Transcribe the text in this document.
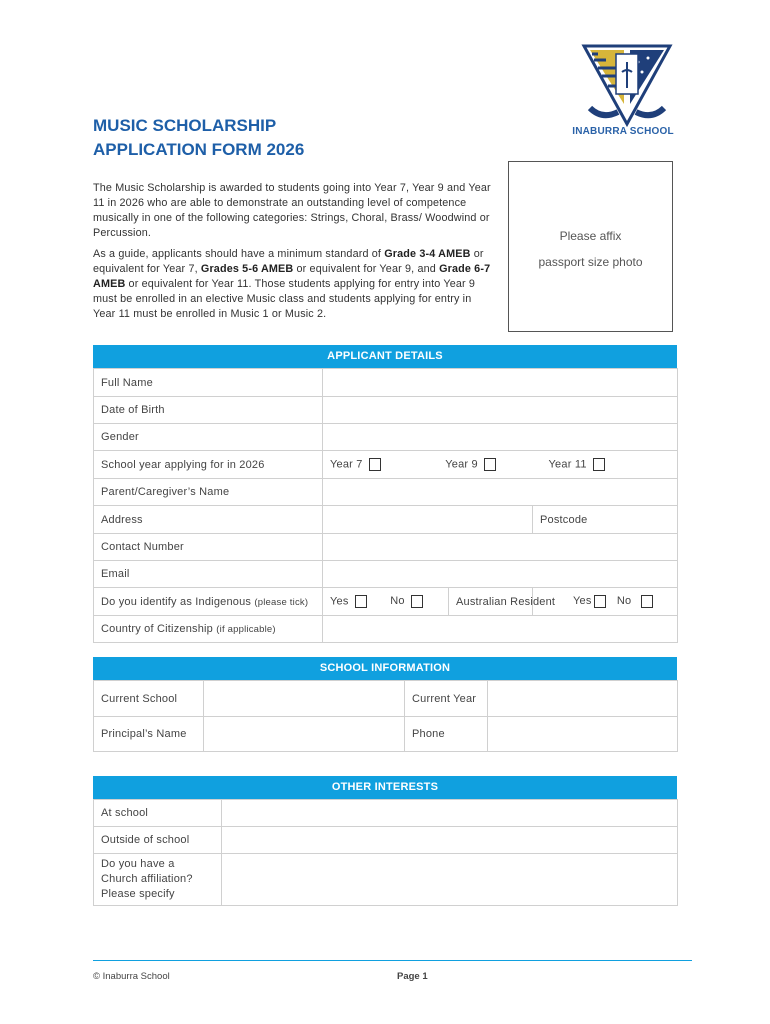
INABURRA SCHOOL
MUSIC SCHOLARSHIP
APPLICATION FORM 2026

The Music Scholarship is awarded to students going into Year 7, Year 9 and Year 11 in 2026 who are able to demonstrate an outstanding level of competence musically in one of the following categories: Strings, Choral, Brass/ Woodwind or Percussion.

As a guide, applicants should have a minimum standard of Grade 3-4 AMEB or equivalent for Year 7, Grades 5-6 AMEB or equivalent for Year 9, and Grade 6-7 AMEB or equivalent for Year 11. Those students applying for entry into Year 9 must be enrolled in an elective Music class and students applying for entry in Year 11 must be enrolled in Music 1 or Music 2.

Please affix
passport size photo
APPLICANT DETAILS
Full Name			
Date of Birth			
Gender			
School year applying for in 2026	Year 7 Year 9 Year 11		
Parent/Caregiver’s Name			
Address			Postcode
Contact Number			
Email			
Do you identify as Indigenous (please tick)	Yes No	Australian Resident	Yes No
Country of Citizenship (if applicable)			
SCHOOL INFORMATION
Current School		Current Year	
Principal’s Name		Phone	
OTHER INTERESTS
At school	
Outside of school	

Do you have a
Church affiliation?
Please specify	

© Inaburra School	Page 1
